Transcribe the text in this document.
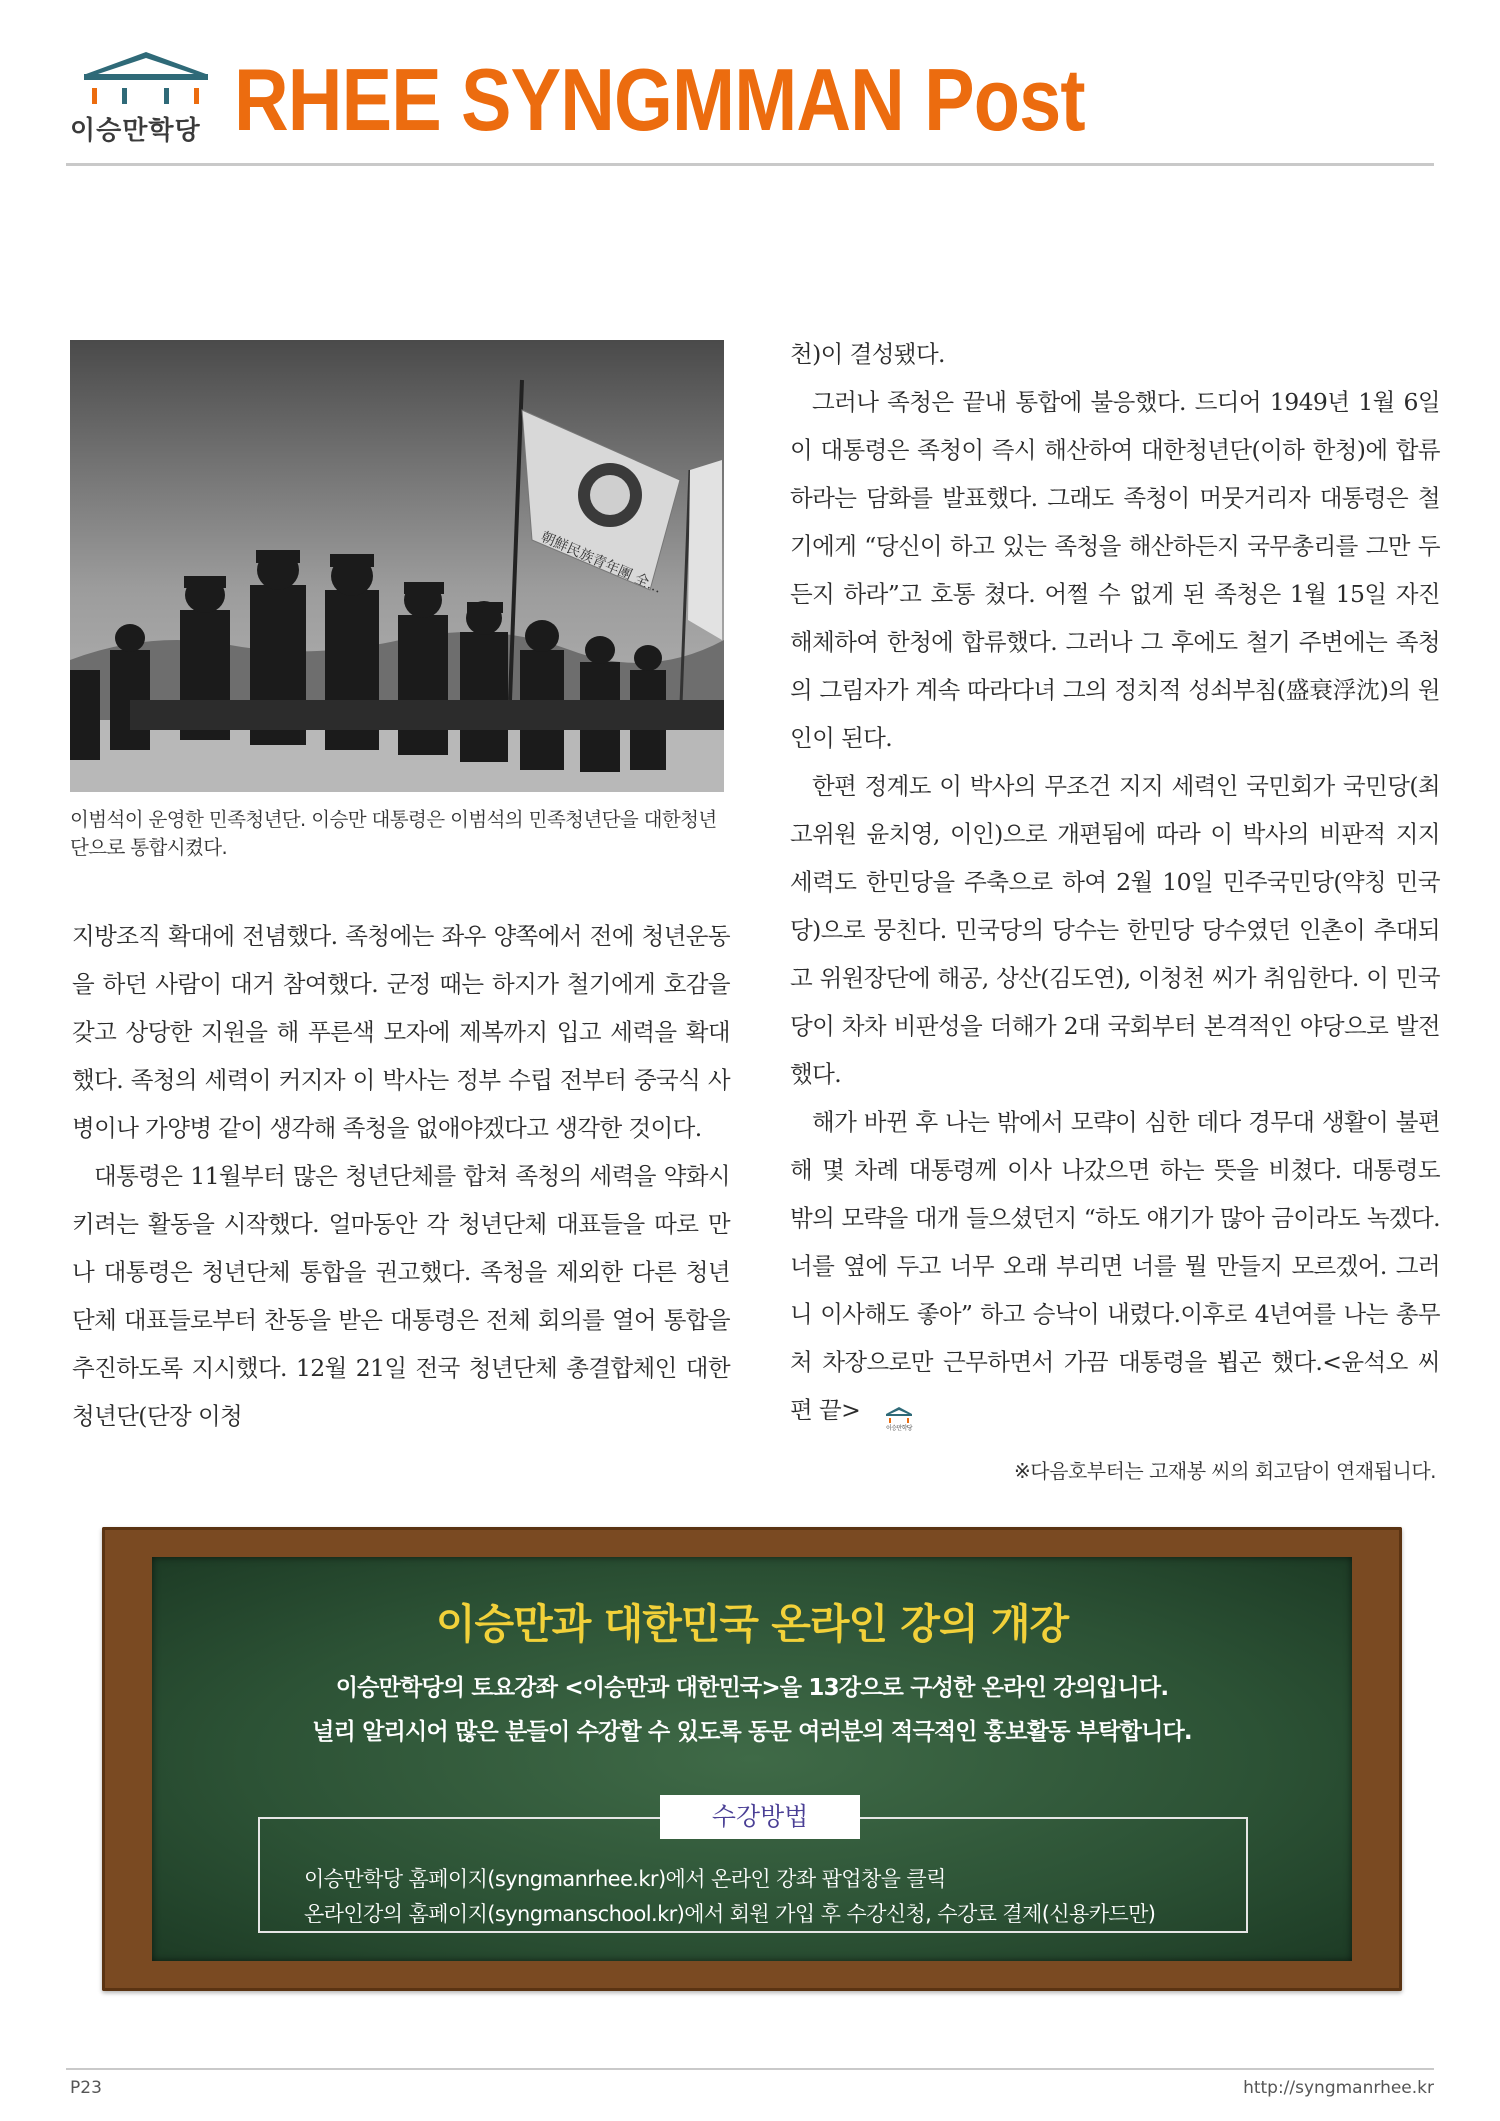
이승만학당 RHEE SYNGMMAN Post
朝鮮民族青年團 全…
이범석이 운영한 민족청년단. 이승만 대통령은 이범석의 민족청년단을 대한청년단으로 통합시켰다.

지방조직 확대에 전념했다. 족청에는 좌우 양쪽에서 전에 청년운동을 하던 사람이 대거 참여했다. 군정 때는 하지가 철기에게 호감을 갖고 상당한 지원을 해 푸른색 모자에 제복까지 입고 세력을 확대했다. 족청의 세력이 커지자 이 박사는 정부 수립 전부터 중국식 사병이나 가양병 같이 생각해 족청을 없애야겠다고 생각한 것이다.

대통령은 11월부터 많은 청년단체를 합쳐 족청의 세력을 약화시키려는 활동을 시작했다. 얼마동안 각 청년단체 대표들을 따로 만나 대통령은 청년단체 통합을 권고했다. 족청을 제외한 다른 청년단체 대표들로부터 찬동을 받은 대통령은 전체 회의를 열어 통합을 추진하도록 지시했다. 12월 21일 전국 청년단체 총결합체인 대한청년단(단장 이청

천)이 결성됐다.

그러나 족청은 끝내 통합에 불응했다. 드디어 1949년 1월 6일 이 대통령은 족청이 즉시 해산하여 대한청년단(이하 한청)에 합류하라는 담화를 발표했다. 그래도 족청이 머뭇거리자 대통령은 철기에게 “당신이 하고 있는 족청을 해산하든지 국무총리를 그만 두든지 하라”고 호통 쳤다. 어쩔 수 없게 된 족청은 1월 15일 자진 해체하여 한청에 합류했다. 그러나 그 후에도 철기 주변에는 족청의 그림자가 계속 따라다녀 그의 정치적 성쇠부침(盛衰浮沈)의 원인이 된다.

한편 정계도 이 박사의 무조건 지지 세력인 국민회가 국민당(최고위원 윤치영, 이인)으로 개편됨에 따라 이 박사의 비판적 지지 세력도 한민당을 주축으로 하여 2월 10일 민주국민당(약칭 민국당)으로 뭉친다. 민국당의 당수는 한민당 당수였던 인촌이 추대되고 위원장단에 해공, 상산(김도연), 이청천 씨가 취임한다. 이 민국당이 차차 비판성을 더해가 2대 국회부터 본격적인 야당으로 발전했다.

해가 바뀐 후 나는 밖에서 모략이 심한 데다 경무대 생활이 불편해 몇 차례 대통령께 이사 나갔으면 하는 뜻을 비쳤다. 대통령도 밖의 모략을 대개 들으셨던지 “하도 얘기가 많아 금이라도 녹겠다. 너를 옆에 두고 너무 오래 부리면 너를 뭘 만들지 모르겠어. 그러니 이사해도 좋아” 하고 승낙이 내렸다.이후로 4년여를 나는 총무처 차장으로만 근무하면서 가끔 대통령을 뵙곤 했다.<윤석오 씨 편 끝>
이승만학당

※다음호부터는 고재봉 씨의 회고담이 연재됩니다.
이승만과 대한민국 온라인 강의 개강
이승만학당의 토요강좌 <이승만과 대한민국>을 13강으로 구성한 온라인 강의입니다.
널리 알리시어 많은 분들이 수강할 수 있도록 동문 여러분의 적극적인 홍보활동 부탁합니다.
수강방법
이승만학당 홈페이지(syngmanrhee.kr)에서 온라인 강좌 팝업창을 클릭
온라인강의 홈페이지(syngmanschool.kr)에서 회원 가입 후 수강신청, 수강료 결제(신용카드만)
P23	http://syngmanrhee.kr
